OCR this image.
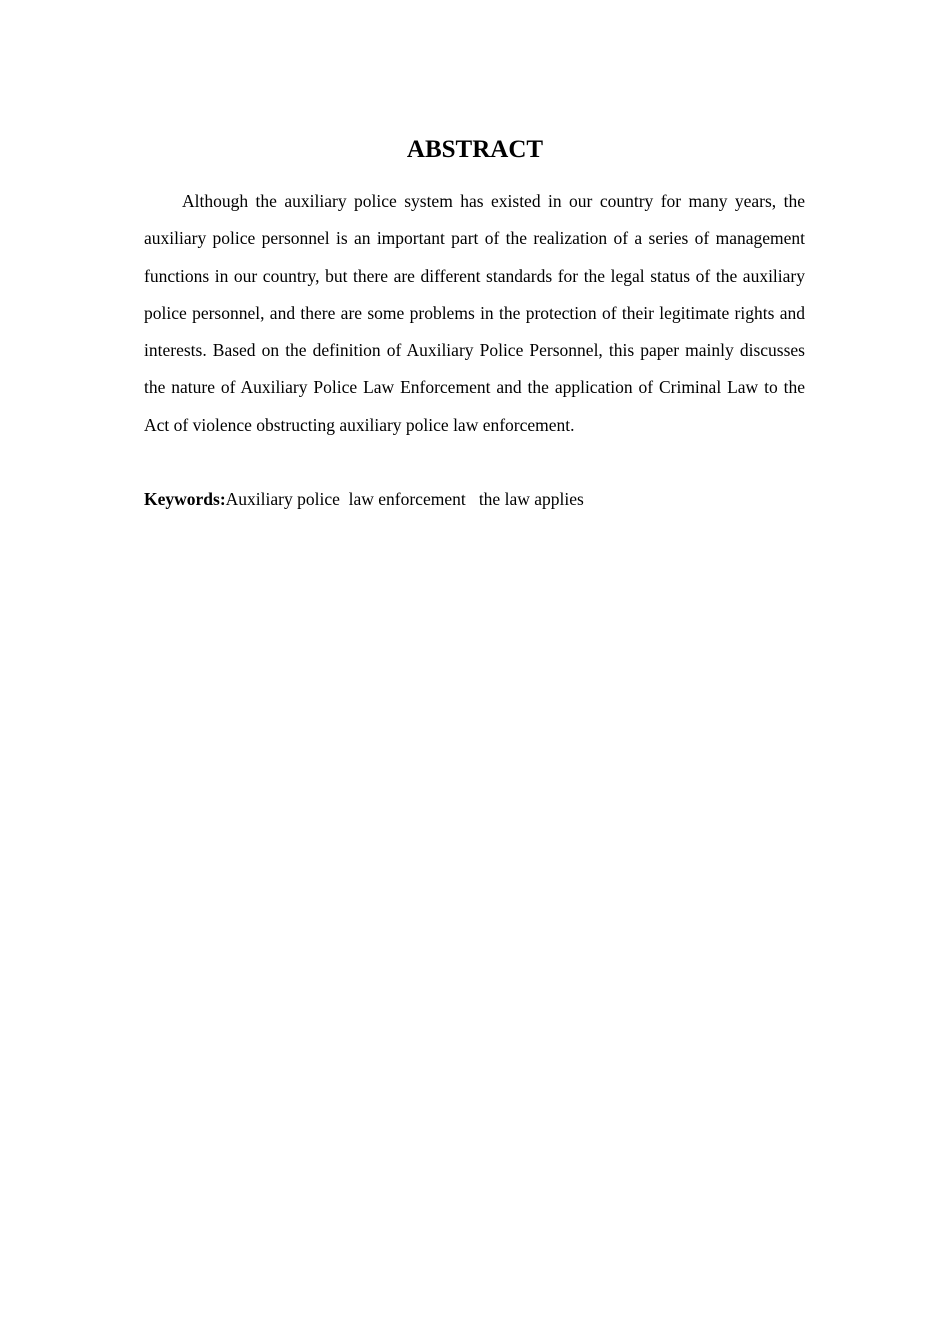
ABSTRACT

Although the auxiliary police system has existed in our country for many years, the auxiliary police personnel is an important part of the realization of a series of management functions in our country, but there are different standards for the legal status of the auxiliary police personnel, and there are some problems in the protection of their legitimate rights and interests. Based on the definition of Auxiliary Police Personnel, this paper mainly discusses the nature of Auxiliary Police Law Enforcement and the application of Criminal Law to the Act of violence obstructing auxiliary police law enforcement.

Keywords:Auxiliary police  law enforcement   the law applies
